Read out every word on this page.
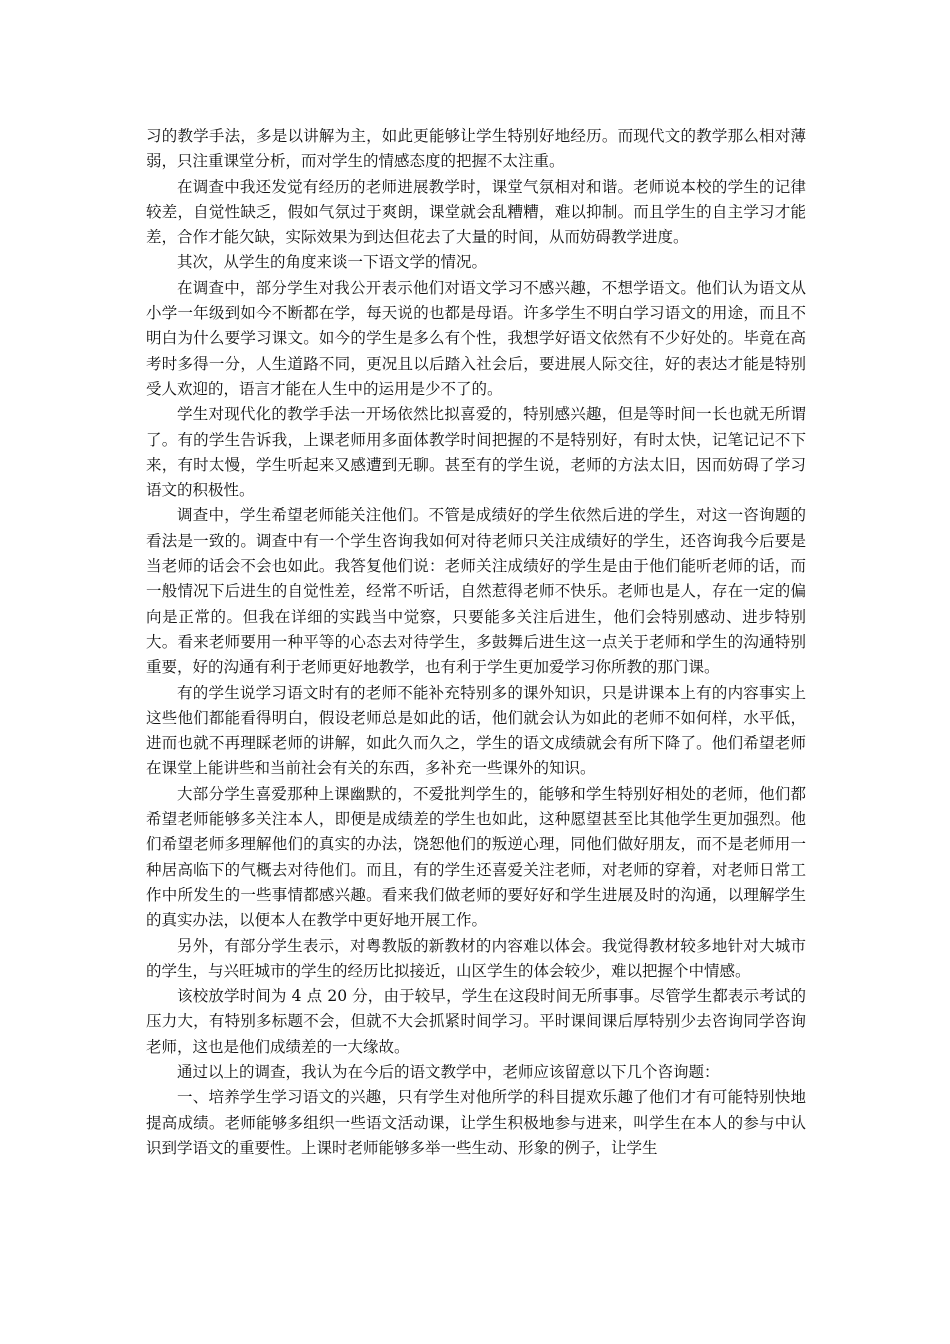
习的教学手法，多是以讲解为主，如此更能够让学生特别好地经历。而现代文的教学那么相对薄弱，只注重课堂分析，而对学生的情感态度的把握不太注重。

在调查中我还发觉有经历的老师进展教学时，课堂气氛相对和谐。老师说本校的学生的记律较差，自觉性缺乏，假如气氛过于爽朗，课堂就会乱糟糟，难以抑制。而且学生的自主学习才能差，合作才能欠缺，实际效果为到达但花去了大量的时间，从而妨碍教学进度。

其次，从学生的角度来谈一下语文学的情况。

在调查中，部分学生对我公开表示他们对语文学习不感兴趣，不想学语文。他们认为语文从小学一年级到如今不断都在学，每天说的也都是母语。许多学生不明白学习语文的用途，而且不明白为什么要学习课文。如今的学生是多么有个性，我想学好语文依然有不少好处的。毕竟在高考时多得一分，人生道路不同，更况且以后踏入社会后，要进展人际交往，好的表达才能是特别受人欢迎的，语言才能在人生中的运用是少不了的。

学生对现代化的教学手法一开场依然比拟喜爱的，特别感兴趣，但是等时间一长也就无所谓了。有的学生告诉我，上课老师用多面体教学时间把握的不是特别好，有时太快，记笔记记不下来，有时太慢，学生听起来又感遭到无聊。甚至有的学生说，老师的方法太旧，因而妨碍了学习语文的积极性。

调查中，学生希望老师能关注他们。不管是成绩好的学生依然后进的学生，对这一咨询题的看法是一致的。调查中有一个学生咨询我如何对待老师只关注成绩好的学生，还咨询我今后要是当老师的话会不会也如此。我答复他们说：老师关注成绩好的学生是由于他们能听老师的话，而一般情况下后进生的自觉性差，经常不听话，自然惹得老师不快乐。老师也是人，存在一定的偏向是正常的。但我在详细的实践当中觉察，只要能多关注后进生，他们会特别感动、进步特别大。看来老师要用一种平等的心态去对待学生，多鼓舞后进生这一点关于老师和学生的沟通特别重要，好的沟通有利于老师更好地教学，也有利于学生更加爱学习你所教的那门课。

有的学生说学习语文时有的老师不能补充特别多的课外知识，只是讲课本上有的内容事实上这些他们都能看得明白，假设老师总是如此的话，他们就会认为如此的老师不如何样，水平低，进而也就不再理睬老师的讲解，如此久而久之，学生的语文成绩就会有所下降了。他们希望老师在课堂上能讲些和当前社会有关的东西，多补充一些课外的知识。

大部分学生喜爱那种上课幽默的，不爱批判学生的，能够和学生特别好相处的老师，他们都希望老师能够多关注本人，即便是成绩差的学生也如此，这种愿望甚至比其他学生更加强烈。他们希望老师多理解他们的真实的办法，饶恕他们的叛逆心理，同他们做好朋友，而不是老师用一种居高临下的气概去对待他们。而且，有的学生还喜爱关注老师，对老师的穿着，对老师日常工作中所发生的一些事情都感兴趣。看来我们做老师的要好好和学生进展及时的沟通，以理解学生的真实办法，以便本人在教学中更好地开展工作。

另外，有部分学生表示，对粤教版的新教材的内容难以体会。我觉得教材较多地针对大城市的学生，与兴旺城市的学生的经历比拟接近，山区学生的体会较少，难以把握个中情感。

该校放学时间为 4 点 20 分，由于较早，学生在这段时间无所事事。尽管学生都表示考试的压力大，有特别多标题不会，但就不大会抓紧时间学习。平时课间课后厚特别少去咨询同学咨询老师，这也是他们成绩差的一大缘故。

通过以上的调查，我认为在今后的语文教学中，老师应该留意以下几个咨询题：

一、培养学生学习语文的兴趣，只有学生对他所学的科目提欢乐趣了他们才有可能特别快地提高成绩。老师能够多组织一些语文活动课，让学生积极地参与进来，叫学生在本人的参与中认识到学语文的重要性。上课时老师能够多举一些生动、形象的例子，让学生
